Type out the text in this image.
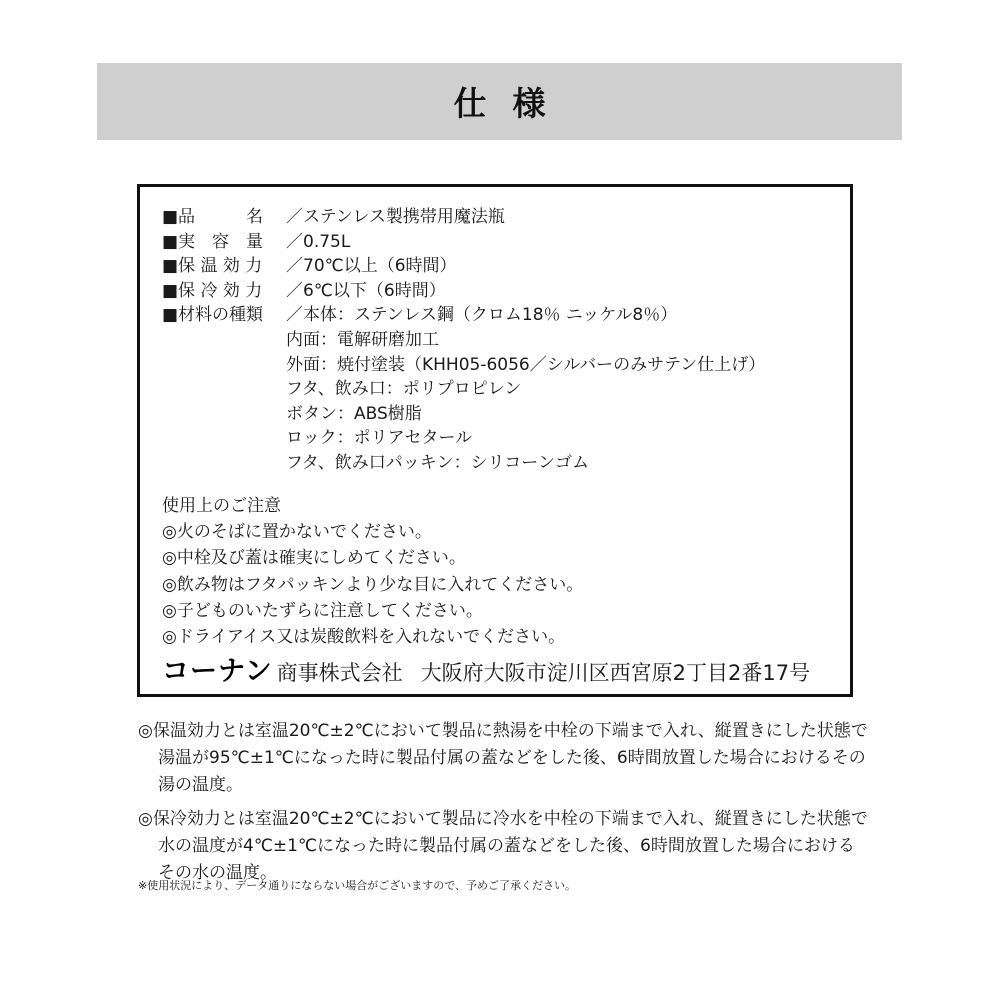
仕様
■品　　　名	／ステンレス製携帯用魔法瓶
■実　容　量	／0.75L
■保 温 効 力	／70℃以上（6時間）
■保 冷 効 力	／6℃以下（6時間）
■材料の種類	／本体：ステンレス鋼（クロム18％ ニッケル8％）
内面：電解研磨加工
外面：焼付塗装（KHH05-6056／シルバーのみサテン仕上げ）
フタ、飲み口：ポリプロピレン
ボタン：ABS樹脂
ロック：ポリアセタール
フタ、飲み口パッキン：シリコーンゴム
使用上のご注意
◎火のそばに置かないでください。
◎中栓及び蓋は確実にしめてください。
◎飲み物はフタパッキンより少な目に入れてください。
◎子どものいたずらに注意してください。
◎ドライアイス又は炭酸飲料を入れないでください。
コーナン 商事株式会社 大阪府大阪市淀川区西宮原2丁目2番17号
◎保温効力とは室温20℃±2℃において製品に熱湯を中栓の下端まで入れ、縦置きにした状態で湯温が95℃±1℃になった時に製品付属の蓋などをした後、6時間放置した場合におけるその湯の温度。
◎保冷効力とは室温20℃±2℃において製品に冷水を中栓の下端まで入れ、縦置きにした状態で水の温度が4℃±1℃になった時に製品付属の蓋などをした後、6時間放置した場合におけるその水の温度。
※使用状況により、データ通りにならない場合がございますので、予めご了承ください。
